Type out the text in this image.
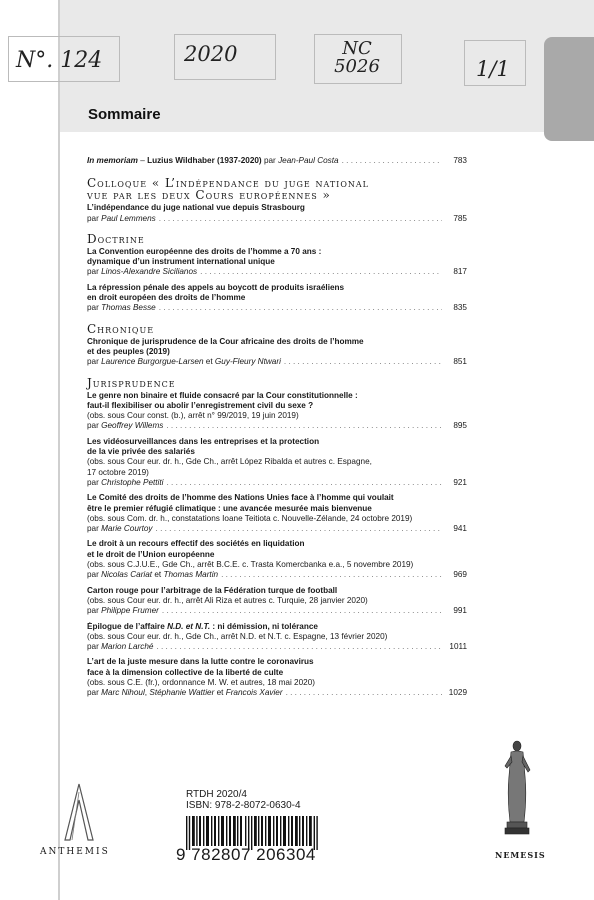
N°. 124	2020	NC
5026	1/1
Sommaire
In memoriam – Luzius Wildhaber (1937-2020) par Jean-Paul Costa . . .	783
Colloque « L’indépendance du juge national
vue par les deux Cours européennes »
L’indépendance du juge national vue depuis Strasbourg
par Paul Lemmens . . .	785
Doctrine
La Convention européenne des droits de l’homme a 70 ans :
dynamique d’un instrument international unique
par Linos-Alexandre Sicilianos . . .	817
La répression pénale des appels au boycott de produits israéliens
en droit européen des droits de l’homme
par Thomas Besse . . .	835
Chronique
Chronique de jurisprudence de la Cour africaine des droits de l’homme
et des peuples (2019)
par Laurence Burgorgue-Larsen et Guy-Fleury Ntwari . . .	851
Jurisprudence
Le genre non binaire et fluide consacré par la Cour constitutionnelle :
faut-il flexibiliser ou abolir l’enregistrement civil du sexe ?
(obs. sous Cour const. (b.), arrêt n° 99/2019, 19 juin 2019)
par Geoffrey Willems . . .	895
Les vidéosurveillances dans les entreprises et la protection
de la vie privée des salariés
(obs. sous Cour eur. dr. h., Gde Ch., arrêt López Ribalda et autres c. Espagne,
17 octobre 2019)
par Christophe Pettiti . . .	921
Le Comité des droits de l’homme des Nations Unies face à l’homme qui voulait
être le premier réfugié climatique : une avancée mesurée mais bienvenue
(obs. sous Com. dr. h., constatations Ioane Teitiota c. Nouvelle-Zélande, 24 octobre 2019)
par Marie Courtoy . . .	941
Le droit à un recours effectif des sociétés en liquidation
et le droit de l’Union européenne
(obs. sous C.J.U.E., Gde Ch., arrêt B.C.E. c. Trasta Komercbanka e.a., 5 novembre 2019)
par Nicolas Cariat et Thomas Martin . . .	969
Carton rouge pour l’arbitrage de la Fédération turque de football
(obs. sous Cour eur. dr. h., arrêt Ali Riza et autres c. Turquie, 28 janvier 2020)
par Philippe Frumer . . .	991
Épilogue de l’affaire N.D. et N.T. : ni démission, ni tolérance
(obs. sous Cour eur. dr. h., Gde Ch., arrêt N.D. et N.T. c. Espagne, 13 février 2020)
par Marion Larché . . .	1011
L’art de la juste mesure dans la lutte contre le coronavirus
face à la dimension collective de la liberté de culte
(obs. sous C.E. (fr.), ordonnance M. W. et autres, 18 mai 2020)
par Marc Nihoul, Stéphanie Wattier et Francois Xavier . . .	1029
ANTHEMIS
RTDH 2020/4
ISBN: 978-2-8072-0630-4
9 782807 206304	NEMESIS
